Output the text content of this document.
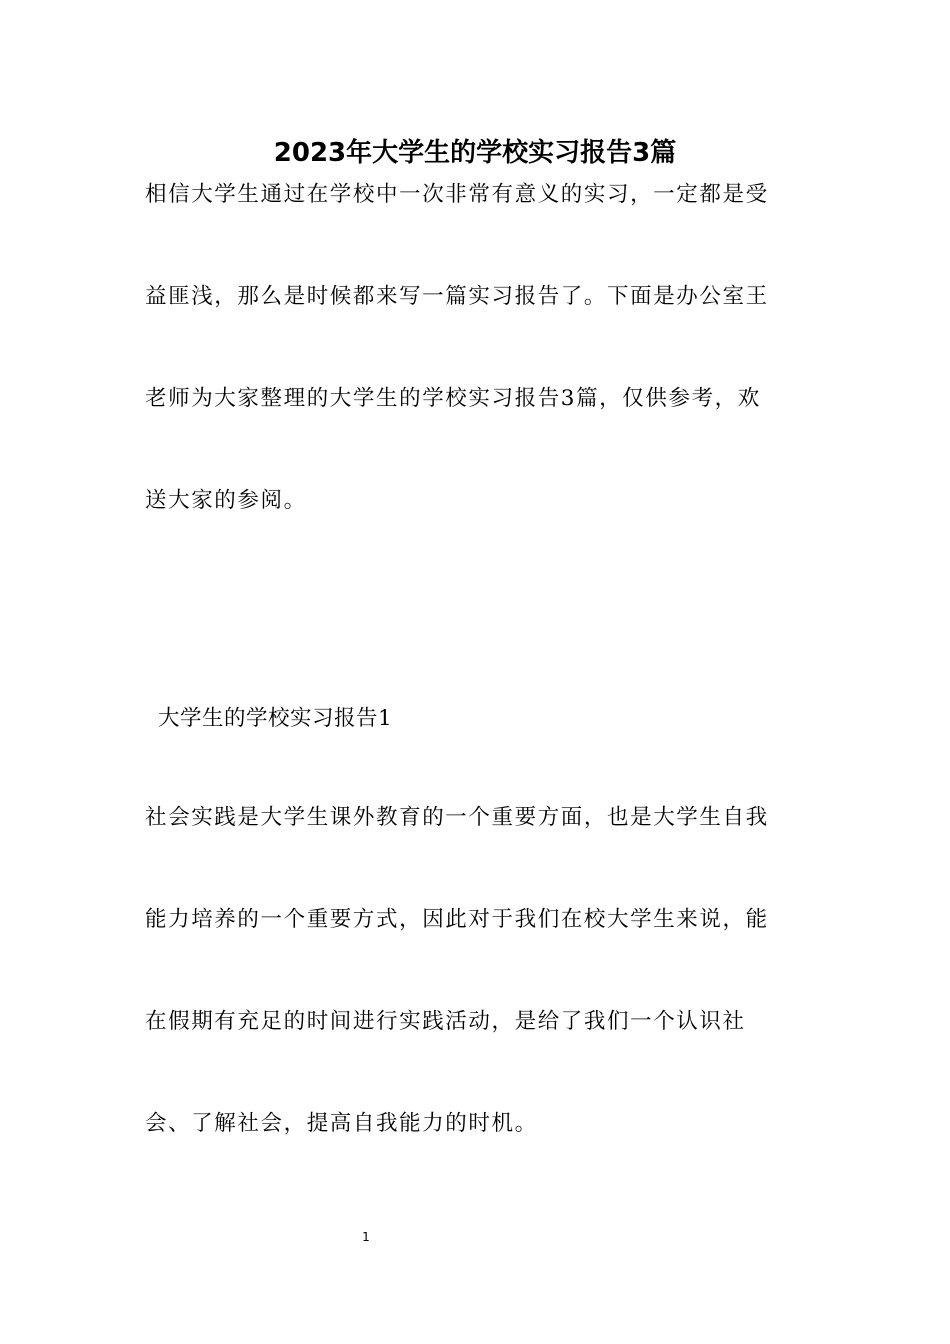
2023年大学生的学校实习报告3篇
相信大学生通过在学校中一次非常有意义的实习，一定都是受
益匪浅，那么是时候都来写一篇实习报告了。下面是办公室王
老师为大家整理的大学生的学校实习报告3篇，仅供参考，欢
送大家的参阅。
大学生的学校实习报告1
社会实践是大学生课外教育的一个重要方面，也是大学生自我
能力培养的一个重要方式，因此对于我们在校大学生来说，能
在假期有充足的时间进行实践活动，是给了我们一个认识社
会、了解社会，提高自我能力的时机。
1
